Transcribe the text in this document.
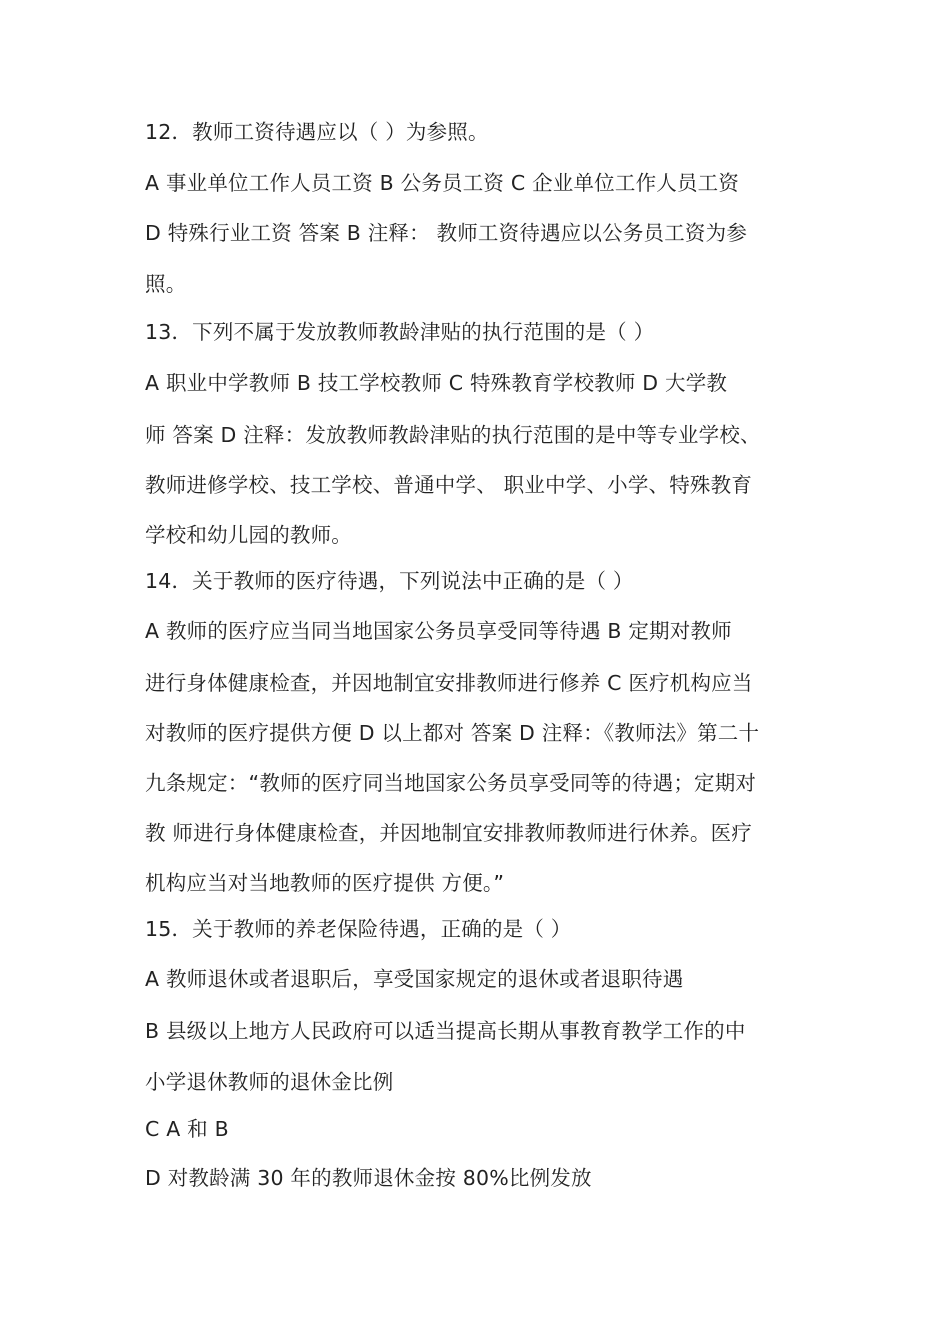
12．教师工资待遇应以（ ）为参照。
A 事业单位工作人员工资 B 公务员工资 C 企业单位工作人员工资
D 特殊行业工资 答案 B 注释： 教师工资待遇应以公务员工资为参
照。
13．下列不属于发放教师教龄津贴的执行范围的是（ ）
A 职业中学教师 B 技工学校教师 C 特殊教育学校教师 D 大学教
师 答案 D 注释：发放教师教龄津贴的执行范围的是中等专业学校、
教师进修学校、技工学校、普通中学、 职业中学、小学、特殊教育
学校和幼儿园的教师。
14．关于教师的医疗待遇，下列说法中正确的是（ ）
A 教师的医疗应当同当地国家公务员享受同等待遇 B 定期对教师
进行身体健康检查，并因地制宜安排教师进行修养 C 医疗机构应当
对教师的医疗提供方便 D 以上都对 答案 D 注释：《教师法》第二十
九条规定：“教师的医疗同当地国家公务员享受同等的待遇；定期对
教 师进行身体健康检查，并因地制宜安排教师教师进行休养。医疗
机构应当对当地教师的医疗提供 方便。”
15．关于教师的养老保险待遇，正确的是（ ）
A 教师退休或者退职后，享受国家规定的退休或者退职待遇
B 县级以上地方人民政府可以适当提高长期从事教育教学工作的中
小学退休教师的退休金比例
C A 和 B
D 对教龄满 30 年的教师退休金按 80%比例发放
